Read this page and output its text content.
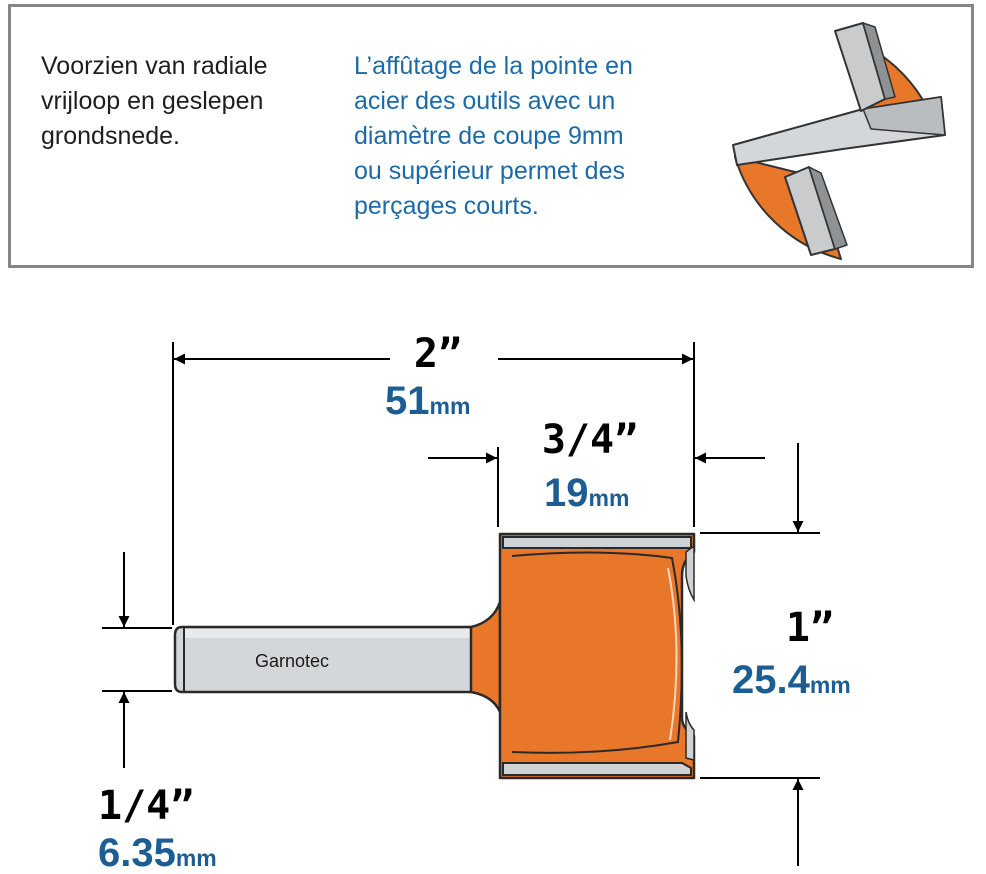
Voorzien van radiale
vrijloop en geslepen
grondsnede.
L’affûtage de la pointe en
acier des outils avec un
diamètre de coupe 9mm
ou supérieur permet des
perçages courts.
Garnotec
2”
51mm
3/4”
19mm
1”
25.4mm
1/4”
6.35mm
